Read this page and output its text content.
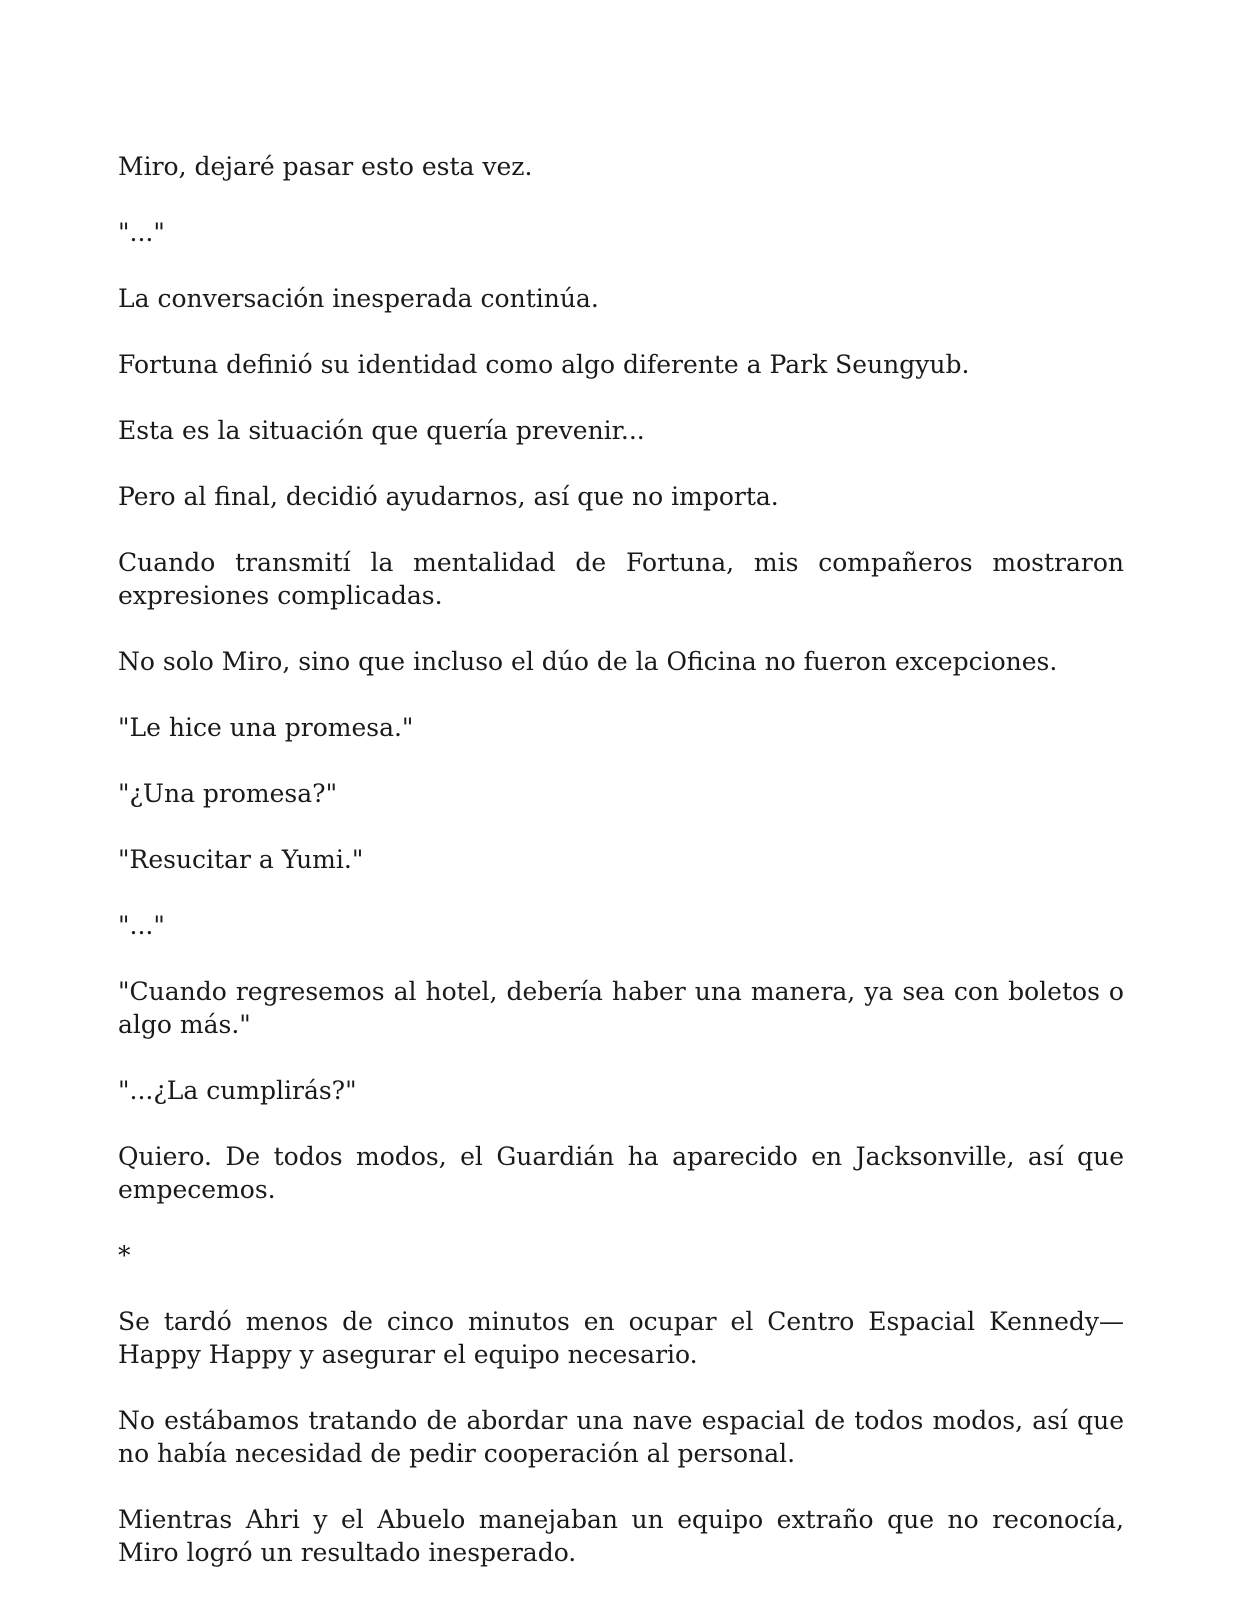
Miro, dejaré pasar esto esta vez.

"..."

La conversación inesperada continúa.

Fortuna definió su identidad como algo diferente a Park Seungyub.

Esta es la situación que quería prevenir...

Pero al final, decidió ayudarnos, así que no importa.

Cuando transmití la mentalidad de Fortuna, mis compañeros mostraron expresiones complicadas.

No solo Miro, sino que incluso el dúo de la Oficina no fueron excepciones.

"Le hice una promesa."

"¿Una promesa?"

"Resucitar a Yumi."

"..."

"Cuando regresemos al hotel, debería haber una manera, ya sea con boletos o algo más."

"...¿La cumplirás?"

Quiero. De todos modos, el Guardián ha aparecido en Jacksonville, así que empecemos.

*

Se tardó menos de cinco minutos en ocupar el Centro Espacial Kennedy—Happy Happy y asegurar el equipo necesario.

No estábamos tratando de abordar una nave espacial de todos modos, así que no había necesidad de pedir cooperación al personal.

Mientras Ahri y el Abuelo manejaban un equipo extraño que no reconocía, Miro logró un resultado inesperado.
